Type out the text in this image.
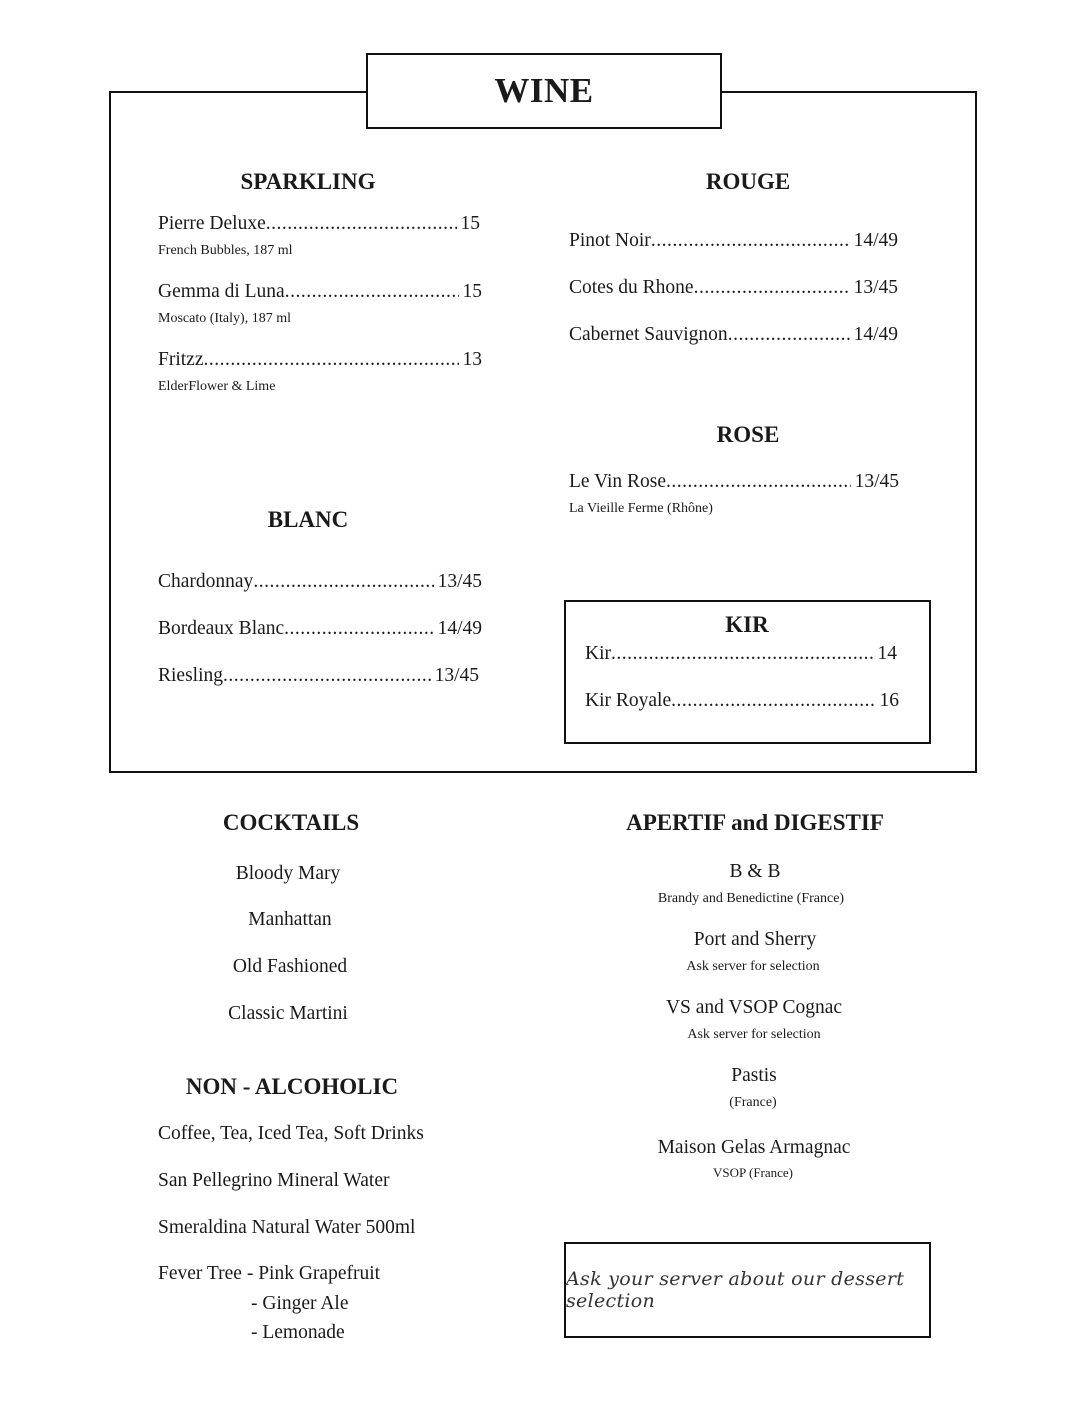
WINE
SPARKLING
Pierre Deluxe .....	15
French Bubbles, 187 ml
Gemma di Luna .....	15
Moscato (Italy), 187 ml
Fritzz .....	13
ElderFlower & Lime
ROUGE
Pinot Noir .....	14/49
Cotes du Rhone .....	13/45
Cabernet Sauvignon .....	14/49
ROSE
Le Vin Rose .....	13/45
La Vieille Ferme (Rhône)
BLANC
Chardonnay .....	13/45
Bordeaux Blanc .....	14/49
Riesling .....	13/45
KIR
Kir .....	14
Kir Royale .....	16
COCKTAILS
Bloody Mary
Manhattan
Old Fashioned
Classic Martini
NON - ALCOHOLIC
Coffee, Tea, Iced Tea, Soft Drinks
San Pellegrino Mineral Water
Smeraldina Natural Water 500ml
Fever Tree - Pink Grapefruit
- Ginger Ale
- Lemonade
APERTIF and DIGESTIF
B & B
Brandy and Benedictine (France)
Port and Sherry
Ask server for selection
VS and VSOP Cognac
Ask server for selection
Pastis
(France)
Maison Gelas Armagnac
VSOP (France)
Ask your server about our dessert selection
